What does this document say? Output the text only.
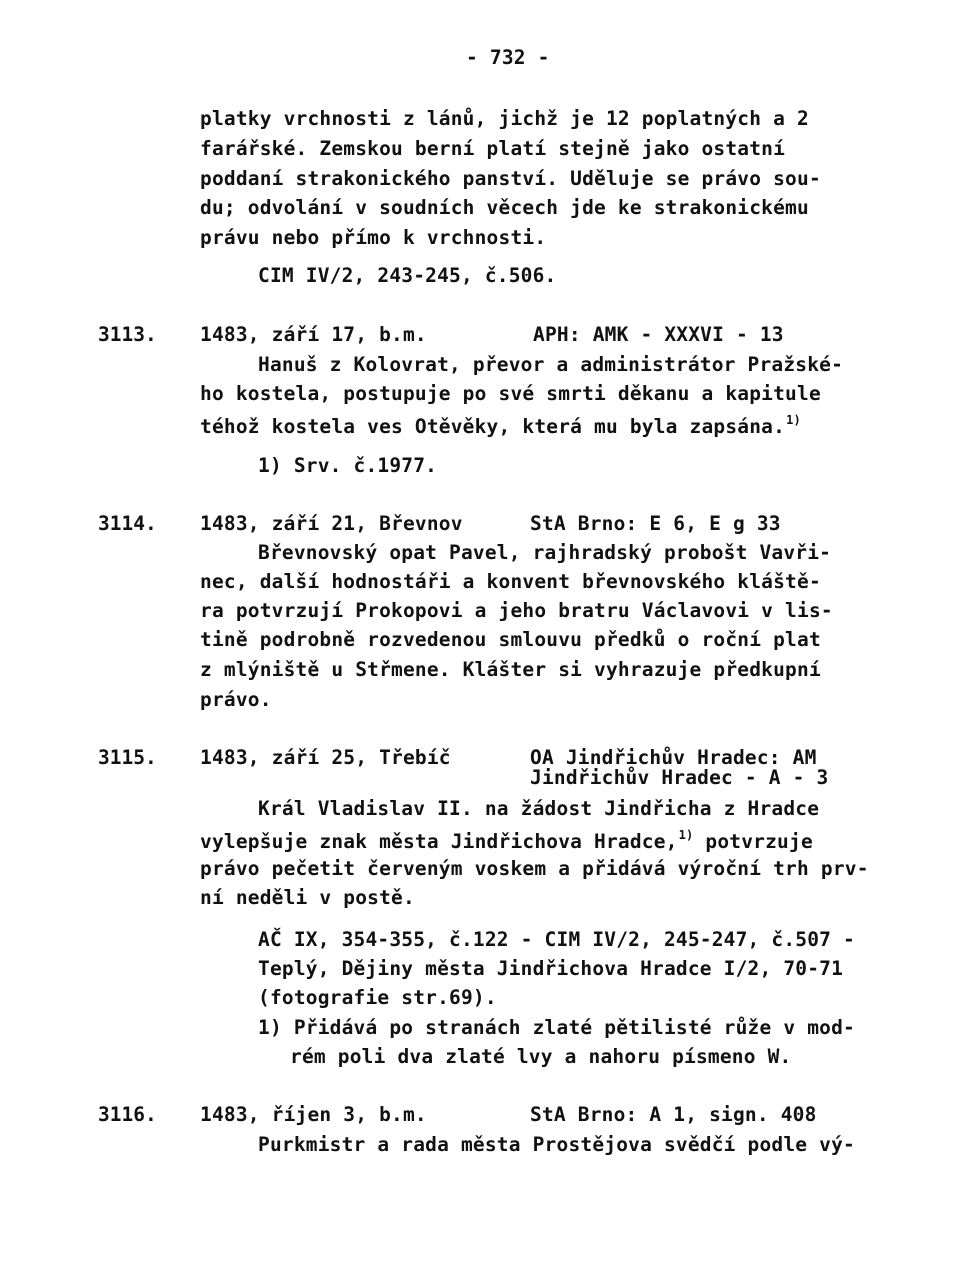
- 732 -
platky vrchnosti z lánů, jichž je 12 poplatných a 2
farářské. Zemskou berní platí stejně jako ostatní
poddaní strakonického panství. Uděluje se právo sou-
du; odvolání v soudních věcech jde ke strakonickému
právu nebo přímo k vrchnosti.
CIM IV/2, 243-245, č.506.
3113. 1483, září 17, b.m.	APH: AMK - XXXVI - 13
Hanuš z Kolovrat, převor a administrátor Pražské-
ho kostela, postupuje po své smrti děkanu a kapitule
téhož kostela ves Otěvěky, která mu byla zapsána.$^{1)}$
1) Srv. č.1977.
3114. 1483, září 21, Břevnov	StA Brno: E 6, E g 33
Břevnovský opat Pavel, rajhradský probošt Vavři-
nec, další hodnostáři a konvent břevnovského kláště-
ra potvrzují Prokopovi a jeho bratru Václavovi v lis-
tině podrobně rozvedenou smlouvu předků o roční plat
z mlýniště u Střmene. Klášter si vyhrazuje předkupní
právo.
3115. 1483, září 25, Třebíč	OA Jindřichův Hradec: AM
Jindřichův Hradec - A - 3
Král Vladislav II. na žádost Jindřicha z Hradce
vylepšuje znak města Jindřichova Hradce,$^{1)}$ potvrzuje
právo pečetit červeným voskem a přidává výroční trh prv-
ní neděli v postě.
AČ IX, 354-355, č.122 - CIM IV/2, 245-247, č.507 -
Teplý, Dějiny města Jindřichova Hradce I/2, 70-71
(fotografie str.69).
1) Přidává po stranách zlaté pětilisté růže v mod-
rém poli dva zlaté lvy a nahoru písmeno W.
3116. 1483, říjen 3, b.m.	StA Brno: A 1, sign. 408
Purkmistr a rada města Prostějova svědčí podle vý-
